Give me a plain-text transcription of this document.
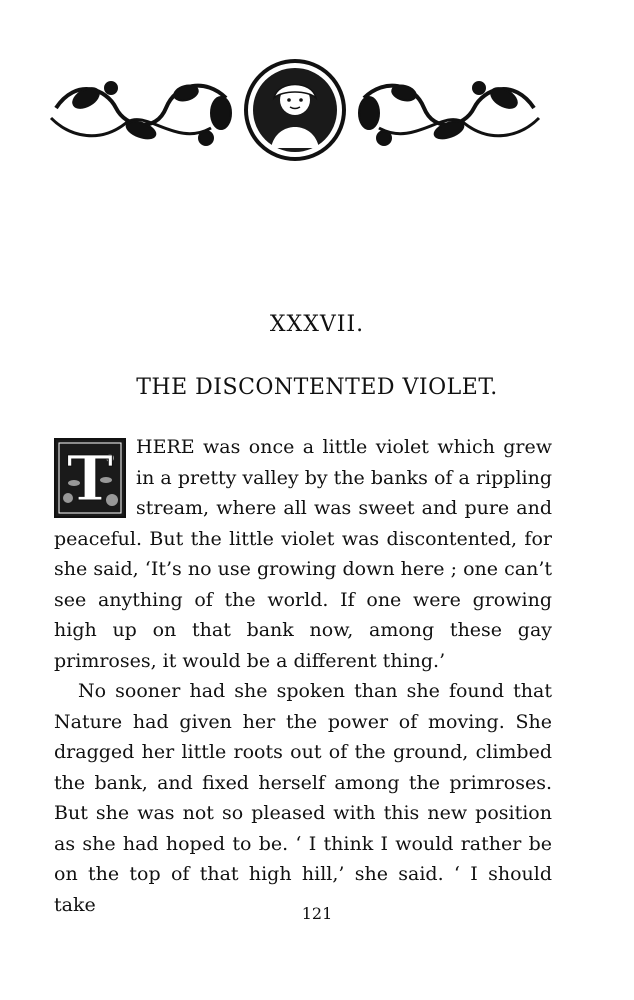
XXXVII.
THE DISCONTENTED VIOLET.
T	HERE was once a little violet which grew in a pretty valley by the banks of a rippling stream, where all was sweet and pure and peaceful. But the little violet was discontented, for she said, ‘It’s no use growing down here ; one can’t see anything of the world. If one were growing high up on that bank now, among these gay primroses, it would be a different thing.’

No sooner had she spoken than she found that Nature had given her the power of moving. She dragged her little roots out of the ground, climbed the bank, and fixed herself among the primroses. But she was not so pleased with this new position as she had hoped to be. ‘ I think I would rather be on the top of that high hill,’ she said. ‘ I should take	121
